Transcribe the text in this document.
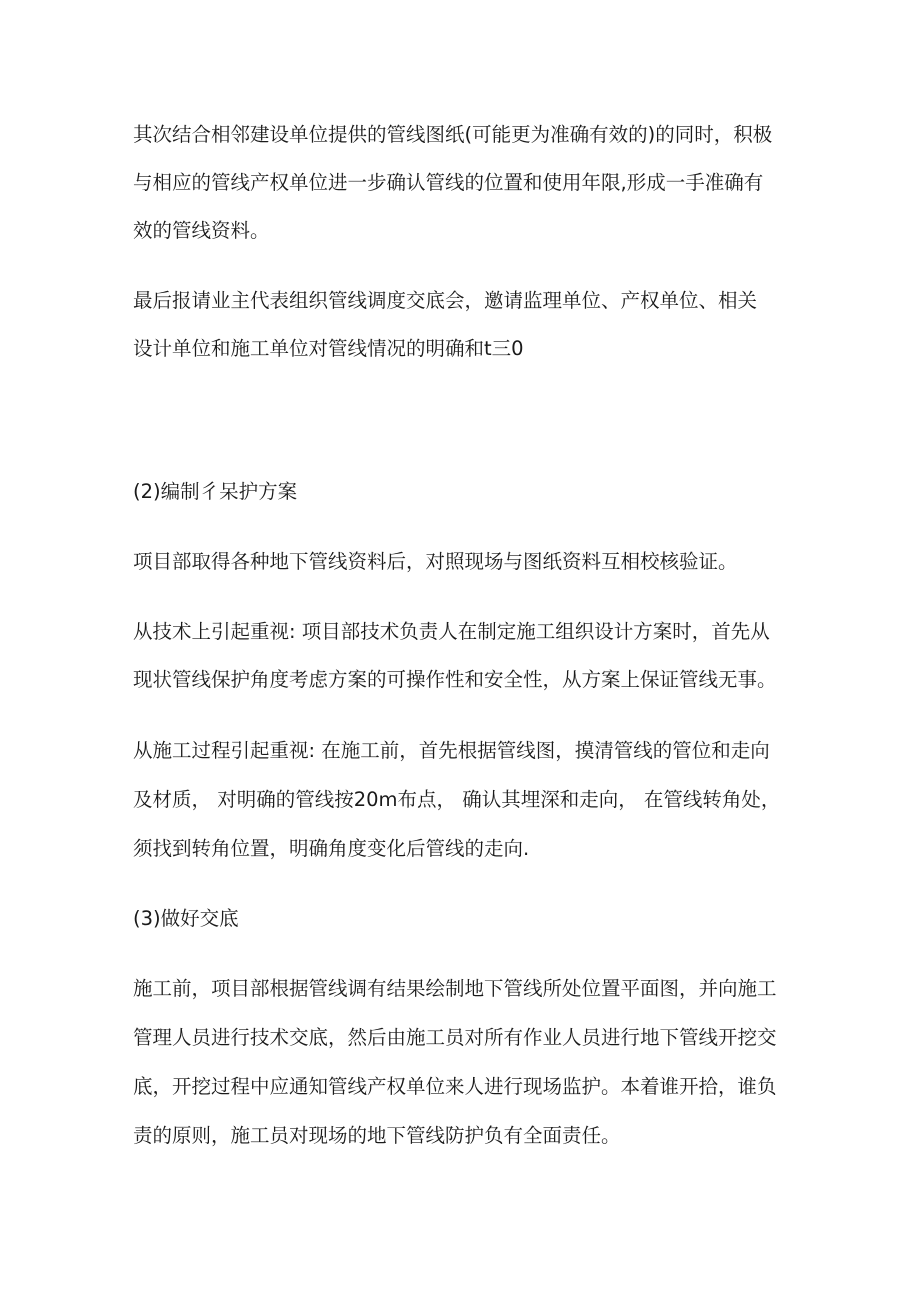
其次结合相邻建设单位提供的管线图纸(可能更为准确有效的)的同时，积极
与相应的管线产权单位进一步确认管线的位置和使用年限,形成一手准确有
效的管线资料。
最后报请业主代表组织管线调度交底会，邀请监理单位、产权单位、相关
设计单位和施工单位对管线情况的明确和t三0
(2)编制彳呆护方案
项目部取得各种地下管线资料后，对照现场与图纸资料互相校核验证。
从技术上引起重视: 项目部技术负责人在制定施工组织设计方案时，首先从
现状管线保护角度考虑方案的可操作性和安全性，从方案上保证管线无事。
从施工过程引起重视: 在施工前，首先根据管线图，摸清管线的管位和走向
及材质， 对明确的管线按20m布点， 确认其埋深和走向， 在管线转角处，
须找到转角位置，明确角度变化后管线的走向.
(3)做好交底
施工前，项目部根据管线调有结果绘制地下管线所处位置平面图，并向施工
管理人员进行技术交底，然后由施工员对所有作业人员进行地下管线开挖交
底，开挖过程中应通知管线产权单位来人进行现场监护。本着谁开拾，谁负
责的原则，施工员对现场的地下管线防护负有全面责任。
